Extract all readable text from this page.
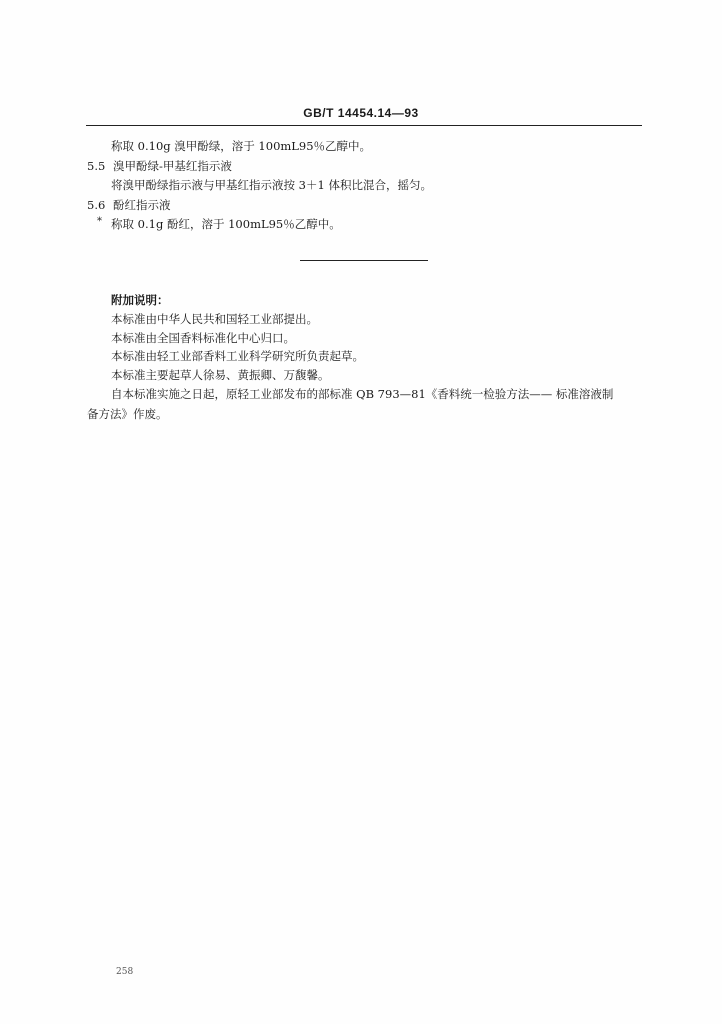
GB/T 14454.14—93
称取 0.10g 溴甲酚绿，溶于 100mL95％乙醇中。
5.5 溴甲酚绿-甲基红指示液
将溴甲酚绿指示液与甲基红指示液按 3＋1 体积比混合，摇匀。
5.6 酚红指示液
* 称取 0.1g 酚红，溶于 100mL95％乙醇中。
附加说明：
本标准由中华人民共和国轻工业部提出。
本标准由全国香料标准化中心归口。
本标准由轻工业部香料工业科学研究所负责起草。
本标准主要起草人徐易、黄振卿、万馥馨。
自本标准实施之日起，原轻工业部发布的部标准 QB 793—81《香料统一检验方法—— 标准溶液制
备方法》作废。
258
